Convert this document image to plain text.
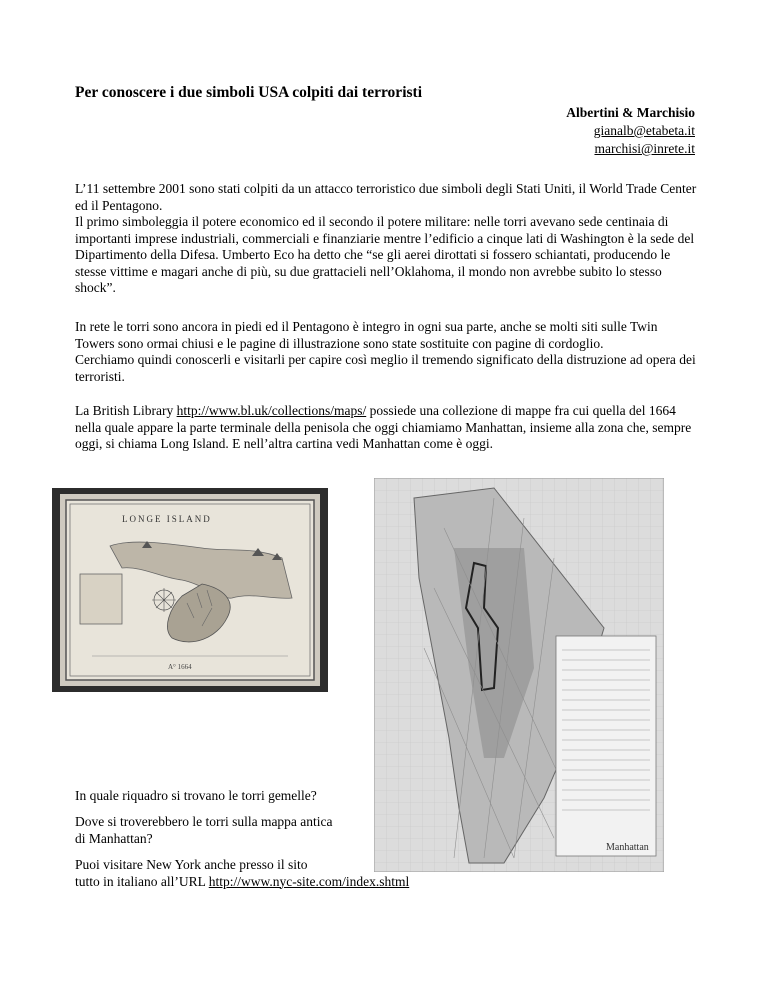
Per conoscere i due simboli USA colpiti dai terroristi
Albertini & Marchisio
gianalb@etabeta.it
marchisi@inrete.it

L’11 settembre 2001 sono stati colpiti da un attacco terroristico due simboli degli Stati Uniti, il World Trade Center ed il Pentagono.

Il primo simboleggia il potere economico ed il secondo il potere militare: nelle torri avevano sede centinaia di importanti imprese industriali, commerciali e finanziarie mentre l’edificio a cinque lati di Washington è la sede del Dipartimento della Difesa. Umberto Eco ha detto che “se gli aerei dirottati si fossero schiantati, producendo le stesse vittime e magari anche di più, su due grattacieli nell’Oklahoma, il mondo non avrebbe subito lo stesso shock”.

In rete le torri sono ancora in piedi ed il Pentagono è integro in ogni sua parte, anche se molti siti sulle Twin Towers sono ormai chiusi e le pagine di illustrazione sono state sostituite con pagine di cordoglio.

Cerchiamo quindi conoscerli e visitarli per capire così meglio il tremendo significato della distruzione ad opera dei terroristi.

La British Library http://www.bl.uk/collections/maps/ possiede una collezione di mappe fra cui quella del 1664 nella quale appare la parte terminale della penisola che oggi chiamiamo Manhattan, insieme alla zona che, sempre oggi, si chiama Long Island. E nell’altra cartina vedi Manhattan come è oggi.
LONGE ISLAND
A° 1664
Manhattan
In quale riquadro si trovano le torri gemelle?
Dove si troverebbero le torri sulla mappa antica di Manhattan?
Puoi visitare New York anche presso il sito
tutto in italiano all’URL http://www.nyc-site.com/index.shtml
